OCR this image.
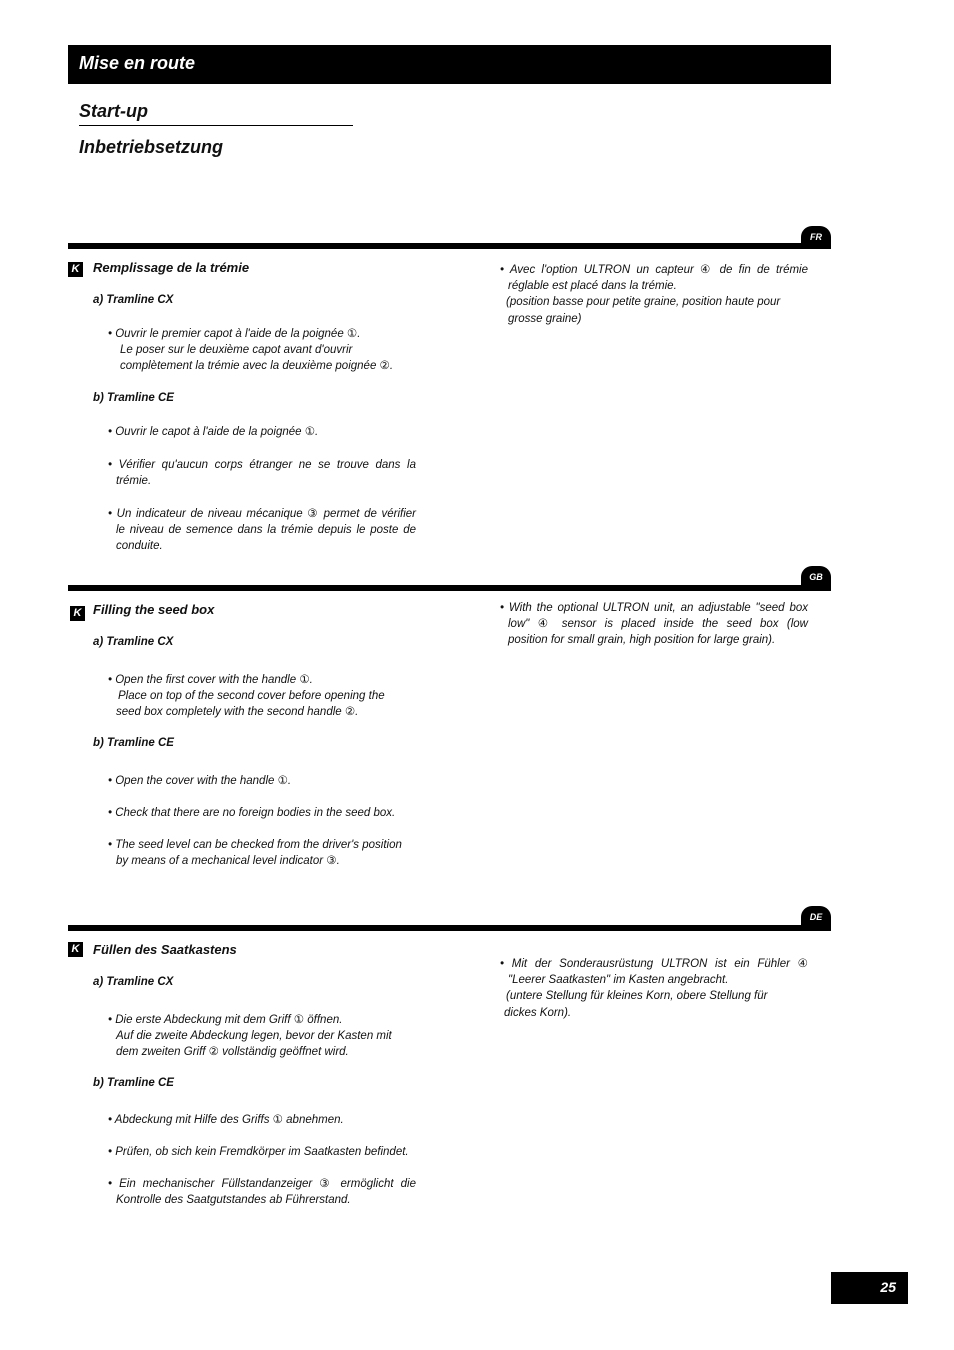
Mise en route
Start-up
Inbetriebsetzung
FR
K Remplissage de la trémie
a) Tramline CX
• Ouvrir le premier capot à l'aide de la poignée ①.
Le poser sur le deuxième capot avant d'ouvrir
complètement la trémie avec la deuxième poignée ②.
b) Tramline CE
• Ouvrir le capot à l'aide de la poignée ①.
• Vérifier qu'aucun corps étranger ne se trouve dans la
trémie.
• Un indicateur de niveau mécanique ③ permet de vérifier
le niveau de semence dans la trémie depuis le poste de
conduite.
• Avec l'option ULTRON un capteur ④ de fin de trémie
réglable est placé dans la trémie.
(position basse pour petite graine, position haute pour
grosse graine)
GB
K Filling the seed box
a) Tramline CX
• Open the first cover with the handle ①.
Place on top of the second cover before opening the
seed box completely with the second handle ②.
b) Tramline CE
• Open the cover with the handle ①.
• Check that there are no foreign bodies in the seed box.
• The seed level can be checked from the driver's position
by means of a mechanical level indicator ③.
• With the optional ULTRON unit, an adjustable "seed box
low" ④ sensor is placed inside the seed box (low
position for small grain, high position for large grain).
DE
K Füllen des Saatkastens
a) Tramline CX
• Die erste Abdeckung mit dem Griff ① öffnen.
Auf die zweite Abdeckung legen, bevor der Kasten mit
dem zweiten Griff ② vollständig geöffnet wird.
b) Tramline CE
• Abdeckung mit Hilfe des Griffs ① abnehmen.
• Prüfen, ob sich kein Fremdkörper im Saatkasten befindet.
• Ein mechanischer Füllstandanzeiger ③ ermöglicht die
Kontrolle des Saatgutstandes ab Führerstand.
• Mit der Sonderausrüstung ULTRON ist ein Fühler ④
"Leerer Saatkasten" im Kasten angebracht.
(untere Stellung für kleines Korn, obere Stellung für
dickes Korn).
25
